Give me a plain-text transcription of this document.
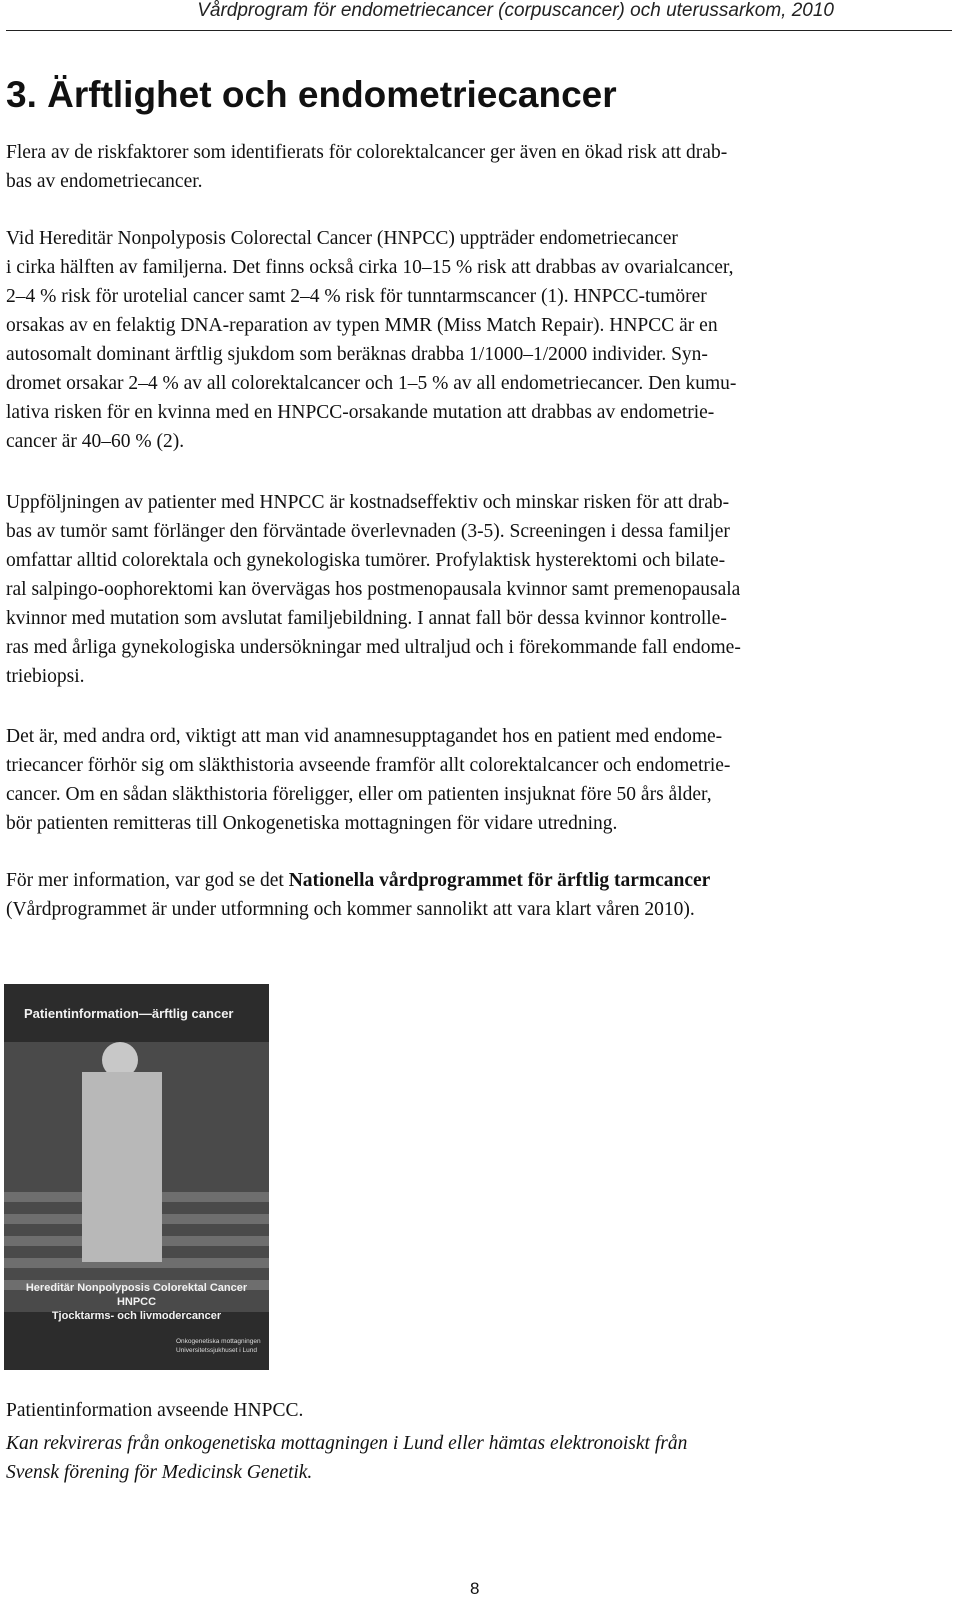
Vårdprogram för endometriecancer (corpuscancer) och uterussarkom, 2010
3. Ärftlighet och endometriecancer

Flera av de riskfaktorer som identifierats för colorektalcancer ger även en ökad risk att drab-
bas av endometriecancer.

Vid Hereditär Nonpolyposis Colorectal Cancer (HNPCC) uppträder endometriecancer
i cirka hälften av familjerna. Det finns också cirka 10–15 % risk att drabbas av ovarialcancer,
2–4 % risk för urotelial cancer samt 2–4 % risk för tunntarmscancer (1). HNPCC-tumörer
orsakas av en felaktig DNA-reparation av typen MMR (Miss Match Repair). HNPCC är en
autosomalt dominant ärftlig sjukdom som beräknas drabba 1/1000–1/2000 individer. Syn-
dromet orsakar 2–4 % av all colorektalcancer och 1–5 % av all endometriecancer. Den kumu-
lativa risken för en kvinna med en HNPCC-orsakande mutation att drabbas av endometrie-
cancer är 40–60 % (2).

Uppföljningen av patienter med HNPCC är kostnadseffektiv och minskar risken för att drab-
bas av tumör samt förlänger den förväntade överlevnaden (3-5). Screeningen i dessa familjer
omfattar alltid colorektala och gynekologiska tumörer. Profylaktisk hysterektomi och bilate-
ral salpingo-oophorektomi kan övervägas hos postmenopausala kvinnor samt premenopausala
kvinnor med mutation som avslutat familjebildning. I annat fall bör dessa kvinnor kontrolle-
ras med årliga gynekologiska undersökningar med ultraljud och i förekommande fall endome-
triebiopsi.

Det är, med andra ord, viktigt att man vid anamnesupptagandet hos en patient med endome-
triecancer förhör sig om släkthistoria avseende framför allt colorektalcancer och endometrie-
cancer. Om en sådan släkthistoria föreligger, eller om patienten insjuknat före 50 års ålder,
bör patienten remitteras till Onkogenetiska mottagningen för vidare utredning.

För mer information, var god se det Nationella vårdprogrammet för ärftlig tarmcancer
(Vårdprogrammet är under utformning och kommer sannolikt att vara klart våren 2010).

Patientinformation—ärftlig cancer
Hereditär Nonpolyposis Colorektal Cancer
HNPCC
Tjocktarms- och livmodercancer
Onkogenetiska mottagningen
Universitetssjukhuset i Lund
Patientinformation avseende HNPCC.
Kan rekvireras från onkogenetiska mottagningen i Lund eller hämtas elektronoiskt från
Svensk förening för Medicinsk Genetik.
8
